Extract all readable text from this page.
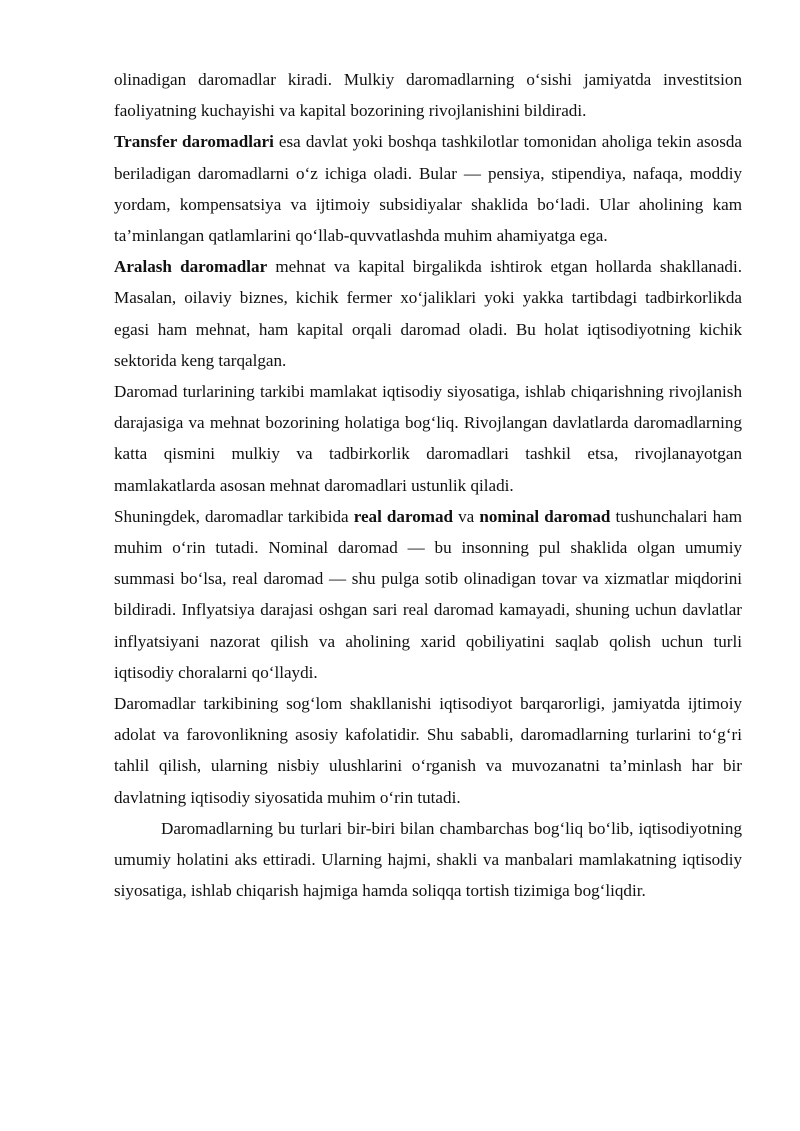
olinadigan daromadlar kiradi. Mulkiy daromadlarning o‘sishi jamiyatda investitsion faoliyatning kuchayishi va kapital bozorining rivojlanishini bildiradi.

Transfer daromadlari esa davlat yoki boshqa tashkilotlar tomonidan aholiga tekin asosda beriladigan daromadlarni o‘z ichiga oladi. Bular — pensiya, stipendiya, nafaqa, moddiy yordam, kompensatsiya va ijtimoiy subsidiyalar shaklida bo‘ladi. Ular aholining kam ta’minlangan qatlamlarini qo‘llab-quvvatlashda muhim ahamiyatga ega.

Aralash daromadlar mehnat va kapital birgalikda ishtirok etgan hollarda shakllanadi. Masalan, oilaviy biznes, kichik fermer xo‘jaliklari yoki yakka tartibdagi tadbirkorlikda egasi ham mehnat, ham kapital orqali daromad oladi. Bu holat iqtisodiyotning kichik sektorida keng tarqalgan.

Daromad turlarining tarkibi mamlakat iqtisodiy siyosatiga, ishlab chiqarishning rivojlanish darajasiga va mehnat bozorining holatiga bog‘liq. Rivojlangan davlatlarda daromadlarning katta qismini mulkiy va tadbirkorlik daromadlari tashkil etsa, rivojlanayotgan mamlakatlarda asosan mehnat daromadlari ustunlik qiladi.

Shuningdek, daromadlar tarkibida real daromad va nominal daromad tushunchalari ham muhim o‘rin tutadi. Nominal daromad — bu insonning pul shaklida olgan umumiy summasi bo‘lsa, real daromad — shu pulga sotib olinadigan tovar va xizmatlar miqdorini bildiradi. Inflyatsiya darajasi oshgan sari real daromad kamayadi, shuning uchun davlatlar inflyatsiyani nazorat qilish va aholining xarid qobiliyatini saqlab qolish uchun turli iqtisodiy choralarni qo‘llaydi.

Daromadlar tarkibining sog‘lom shakllanishi iqtisodiyot barqarorligi, jamiyatda ijtimoiy adolat va farovonlikning asosiy kafolatidir. Shu sababli, daromadlarning turlarini to‘g‘ri tahlil qilish, ularning nisbiy ulushlarini o‘rganish va muvozanatni ta’minlash har bir davlatning iqtisodiy siyosatida muhim o‘rin tutadi.

Daromadlarning bu turlari bir-biri bilan chambarchas bog‘liq bo‘lib, iqtisodiyotning umumiy holatini aks ettiradi. Ularning hajmi, shakli va manbalari mamlakatning iqtisodiy siyosatiga, ishlab chiqarish hajmiga hamda soliqqa tortish tizimiga bog‘liqdir.
